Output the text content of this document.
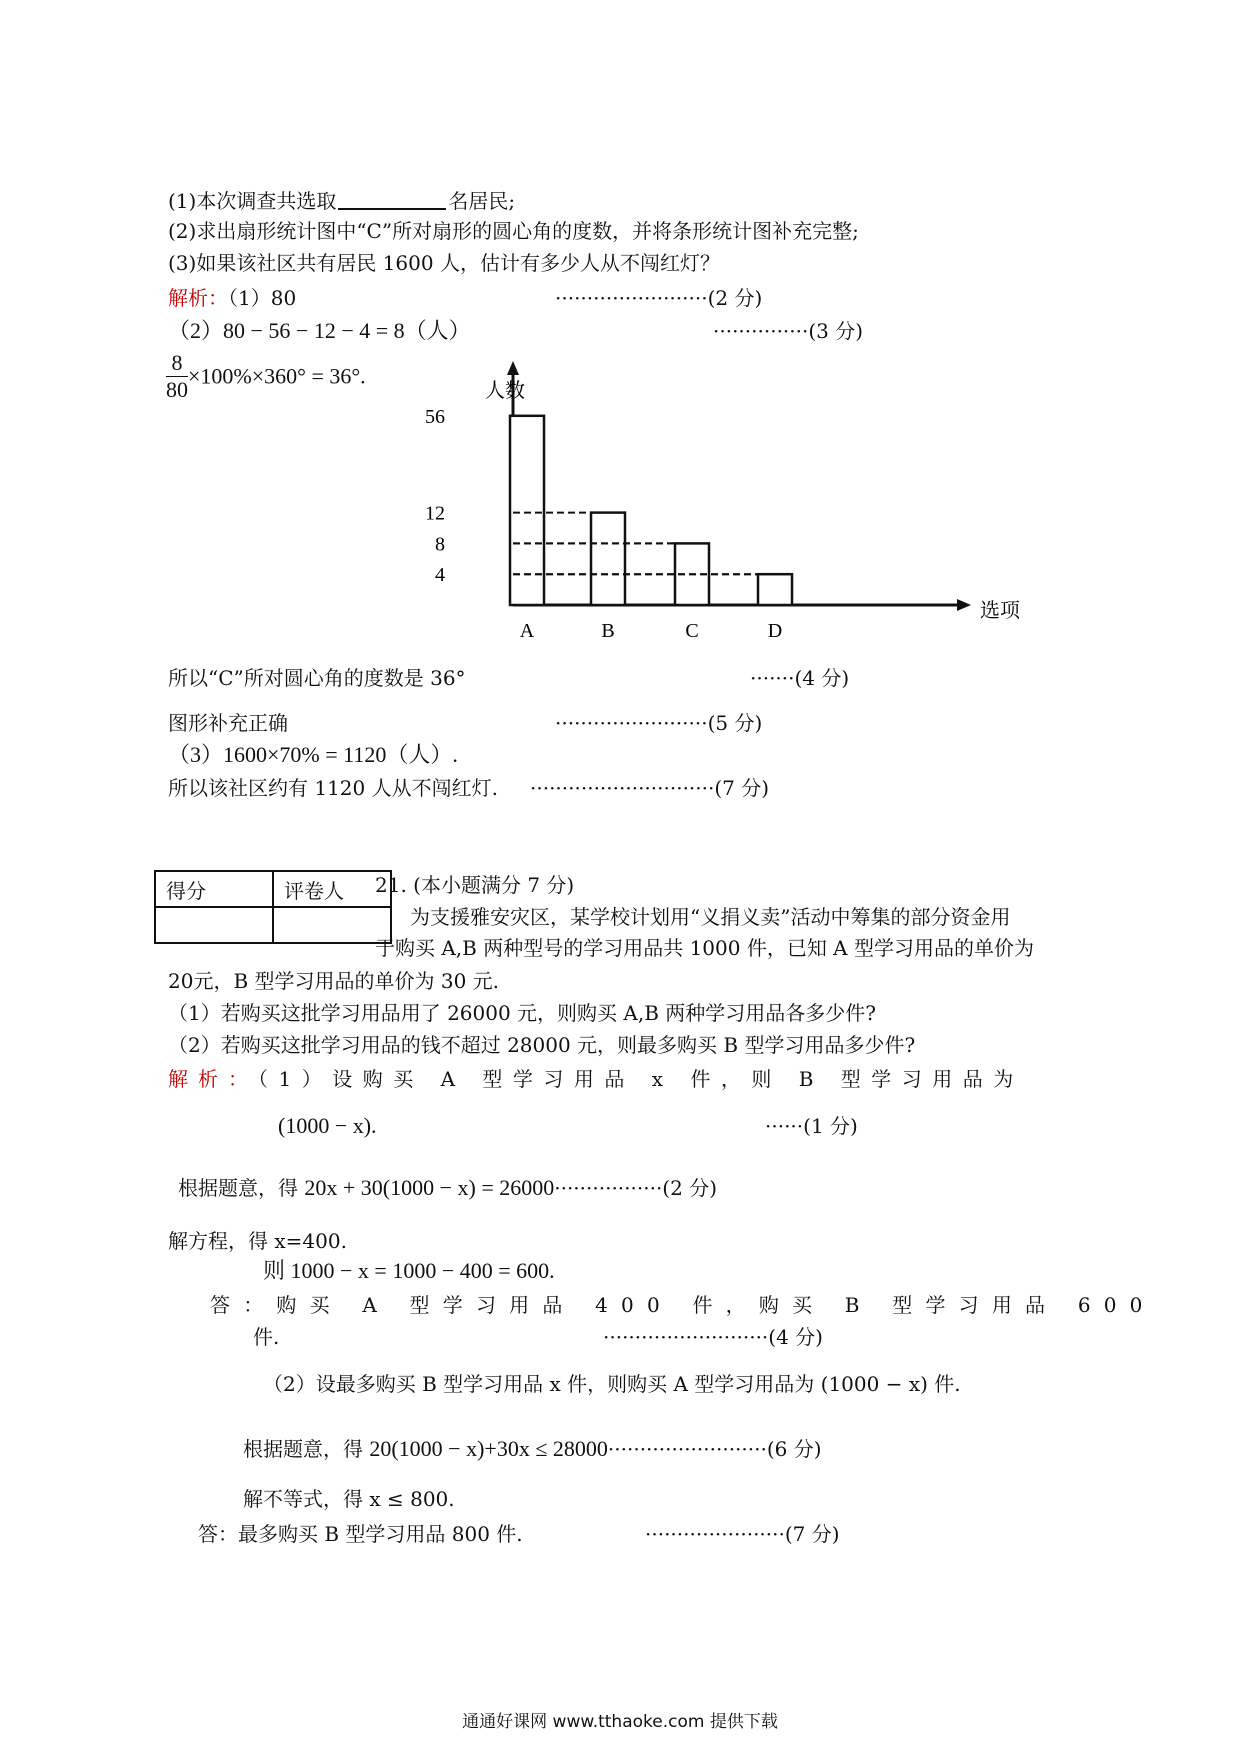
(1)本次调查共选取	名居民;
(2)求出扇形统计图中“C”所对扇形的圆心角的度数，并将条形统计图补充完整;
(3)如果该社区共有居民 1600 人，估计有多少人从不闯红灯？
解析：（1）80	························(2 分)
（2）80 − 56 − 12 − 4 = 8（人）	···············(3 分)
$\frac{8}{80} \times 100\%\times 360^\circ = 36^\circ$.
人数
选项
A
56
B
12
C
8
D
4
所以“C”所对圆心角的度数是 36°	·······(4 分)
图形补充正确	························(5 分)
（3）1600×70% = 1120（人）.
所以该社区约有 1120 人从不闯红灯. ·····························(7 分)
得分	评卷人
	21. (本小题满分 7 分)
为支援雅安灾区，某学校计划用“义捐义卖”活动中筹集的部分资金用
于购买 A,B 两种型号的学习用品共 1000 件，已知 A 型学习用品的单价为
20元，B 型学习用品的单价为 30 元.
（1）若购买这批学习用品用了 26000 元，则购买 A,B 两种学习用品各多少件?
（2）若购买这批学习用品的钱不超过 28000 元，则最多购买 B 型学习用品多少件?
解析：（1）设购买 A 型学习用品 x 件，则 B 型学习用品为
(1000 − x).	······(1 分)
根据题意，得 20x + 30(1000 − x) = 26000·················(2 分)
解方程，得 x=400.
则 1000 − x = 1000 − 400 = 600.
答：购买 A 型学习用品 400 件，购买 B 型学习用品 600
件.	··························(4 分)
（2）设最多购买 B 型学习用品 x 件，则购买 A 型学习用品为 (1000 − x) 件.
根据题意，得 20(1000 − x)+30x ≤ 28000·························(6 分)
解不等式，得 x ≤ 800.
答：最多购买 B 型学习用品 800 件.	······················(7 分)
通通好课网 www.tthaoke.com 提供下载
